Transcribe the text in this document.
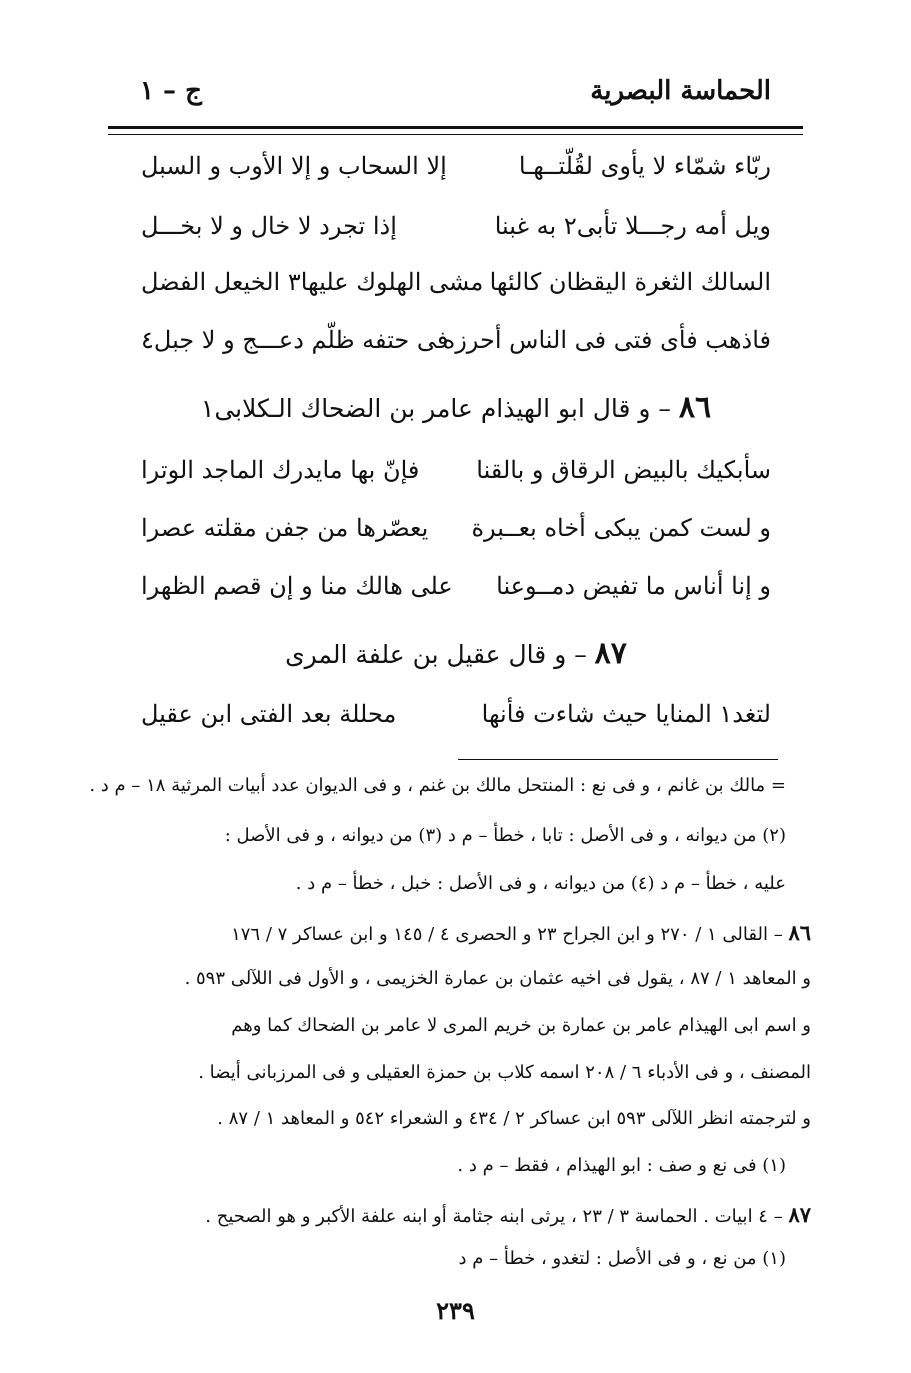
الحماسة البصرية
ج – ١
ربّاء شمّاء لا يأوى لقُلّتــهـا
إلا السحاب و إلا الأوب و السبل
ويل أمه رجـــلا تأبى٢ به غبنا
إذا تجرد لا خال و لا بخـــل
السالك الثغرة اليقظان كالئها
مشى الهلوك عليها٣ الخيعل الفضل
فاذهب فأى فتى فى الناس أحرزه
فى حتفه ظلّم دعـــج و لا جبل٤
٨٦ – و قال ابو الهيذام عامر بن الضحاك الـكلابى١
سأبكيك بالبيض الرقاق و بالقنا
فإنّ بها مايدرك الماجد الوترا
و لست كمن يبكى أخاه بعــبرة
يعصّرها من جفن مقلته عصرا
و إنا أناس ما تفيض دمــوعنا
على هالك منا و إن قصم الظهرا
٨٧ – و قال عقيل بن علفة المرى
لتغد١ المنايا حيث شاءت فأنها
محللة بعد الفتى ابن عقيل
= مالك بن غانم ، و فى نع : المنتحل مالك بن غنم ، و فى الديوان عدد أبيات المرثية ١٨ – م د .
(٢) من ديوانه ، و فى الأصل : تابا ، خطأ – م د (٣) من ديوانه ، و فى الأصل :
عليه ، خطأ – م د (٤) من ديوانه ، و فى الأصل : خبل ، خطأ – م د .
٨٦ – القالى ١ / ٢٧٠ و ابن الجراح ٢٣ و الحصرى ٤ / ١٤٥ و ابن عساكر ٧ / ١٧٦
و المعاهد ١ / ٨٧ ، يقول فى اخيه عثمان بن عمارة الخزيمى ، و الأول فى اللآلى ٥٩٣ .
و اسم ابى الهيذام عامر بن عمارة بن خريم المرى لا عامر بن الضحاك كما وهم
المصنف ، و فى الأدباء ٦ / ٢٠٨ اسمه كلاب بن حمزة العقيلى و فى المرزبانى أيضا .
و لترجمته انظر اللآلى ٥٩٣ ابن عساكر ٢ / ٤٣٤ و الشعراء ٥٤٢ و المعاهد ١ / ٨٧ .
(١) فى نع و صف : ابو الهيذام ، فقط – م د .
٨٧ – ٤ ابيات . الحماسة ٣ / ٢٣ ، يرثى ابنه جثامة أو ابنه علفة الأكبر و هو الصحيح .
(١) من نع ، و فى الأصل : لتغدو ، خطأ – م د
٢٣٩
